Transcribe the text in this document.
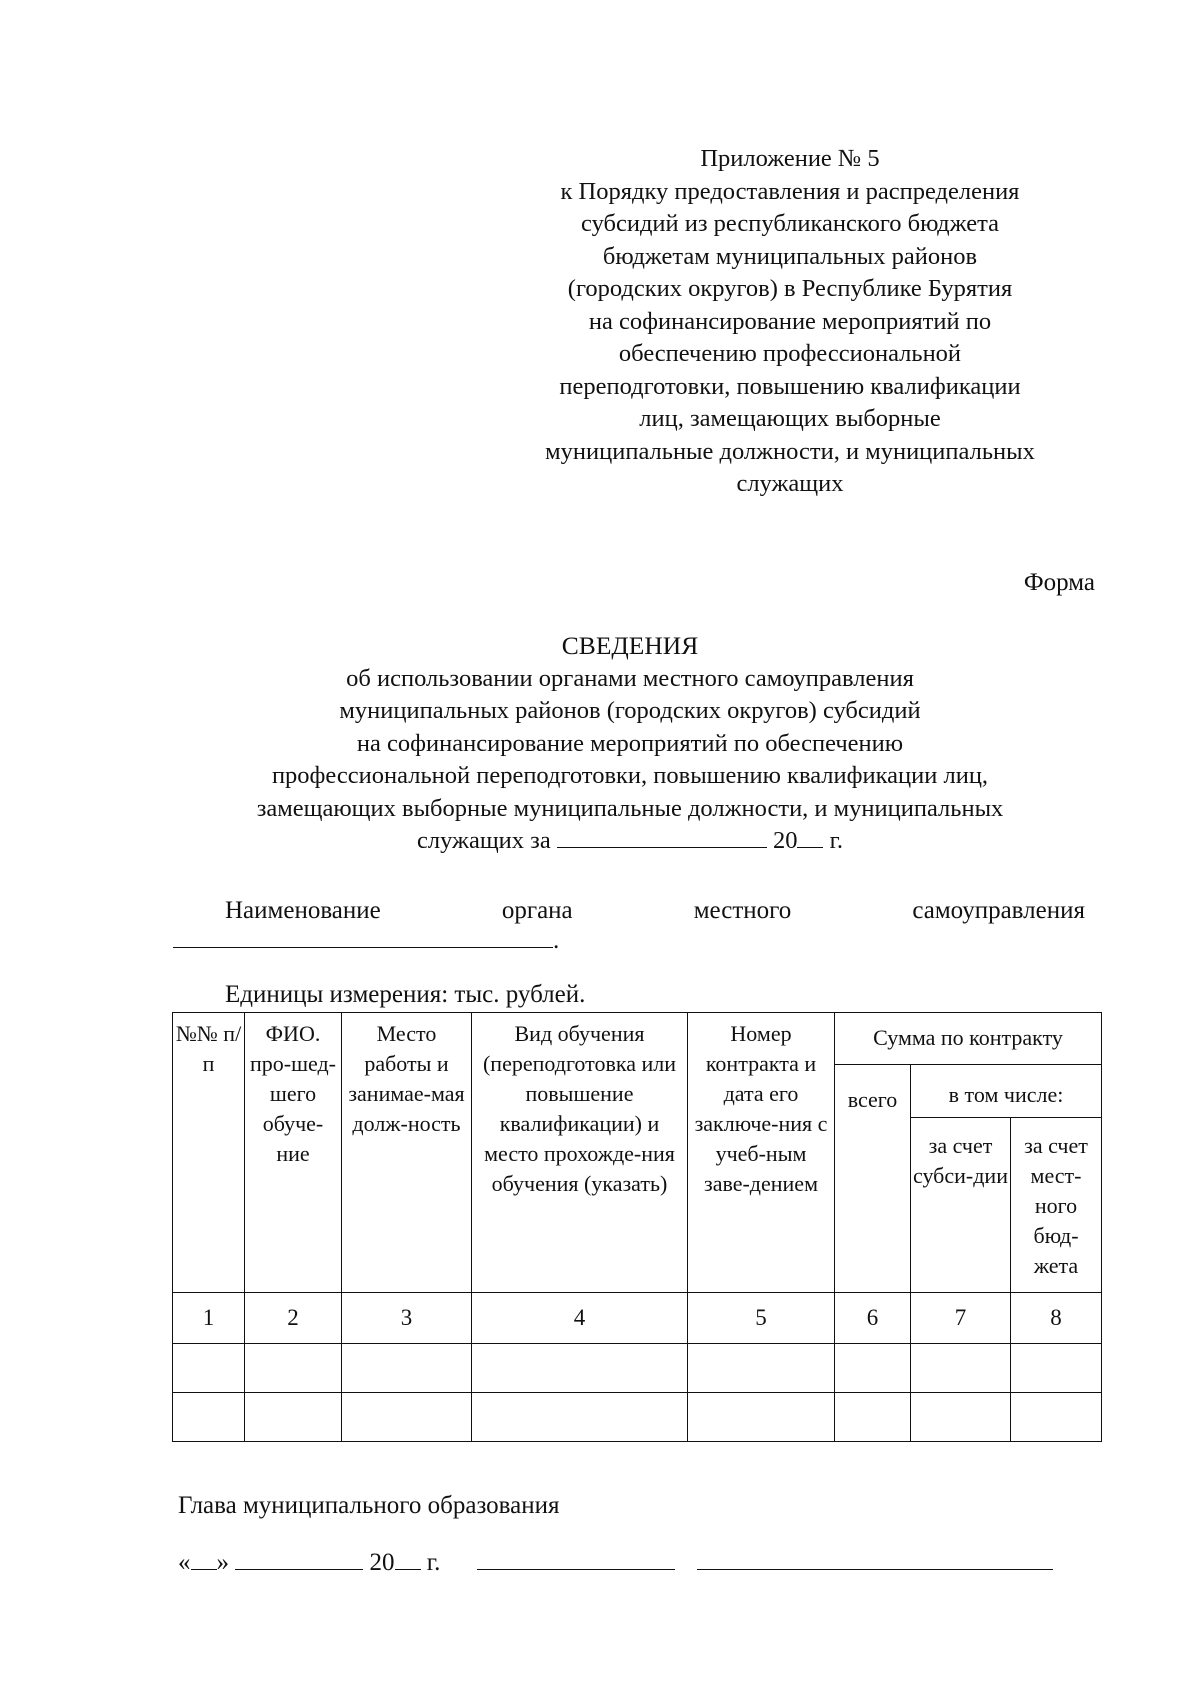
Приложение № 5
к Порядку предоставления и распределения
субсидий из республиканского бюджета
бюджетам муниципальных районов
(городских округов) в Республике Бурятия
на софинансирование мероприятий по
обеспечению профессиональной
переподготовки, повышению квалификации
лиц, замещающих выборные
муниципальные должности, и муниципальных
служащих
Форма
СВЕДЕНИЯ
об использовании органами местного самоуправления
муниципальных районов (городских округов) субсидий
на софинансирование мероприятий по обеспечению
профессиональной переподготовки, повышению квалификации лиц,
замещающих выборные муниципальные должности, и муниципальных
служащих за	20 г.
Наименование	органа	местного	самоуправления
.
Единицы измерения: тыс. рублей.
№№ п/п	ФИО. про-шед-шего обуче-ние	Место работы и занимае-мая долж-ность	Вид обучения (переподготовка или повышение квалификации) и место прохожде-ния обучения (указать)	Номер контракта и дата его заключе-ния с учеб-ным заве-дением	Сумма по контракту		
					всего	в том числе:	
						за счет субси-дии	за счет мест-ного бюд-жета
1	2	3	4	5	6	7	8

Глава муниципального образования
« »	20 г.
